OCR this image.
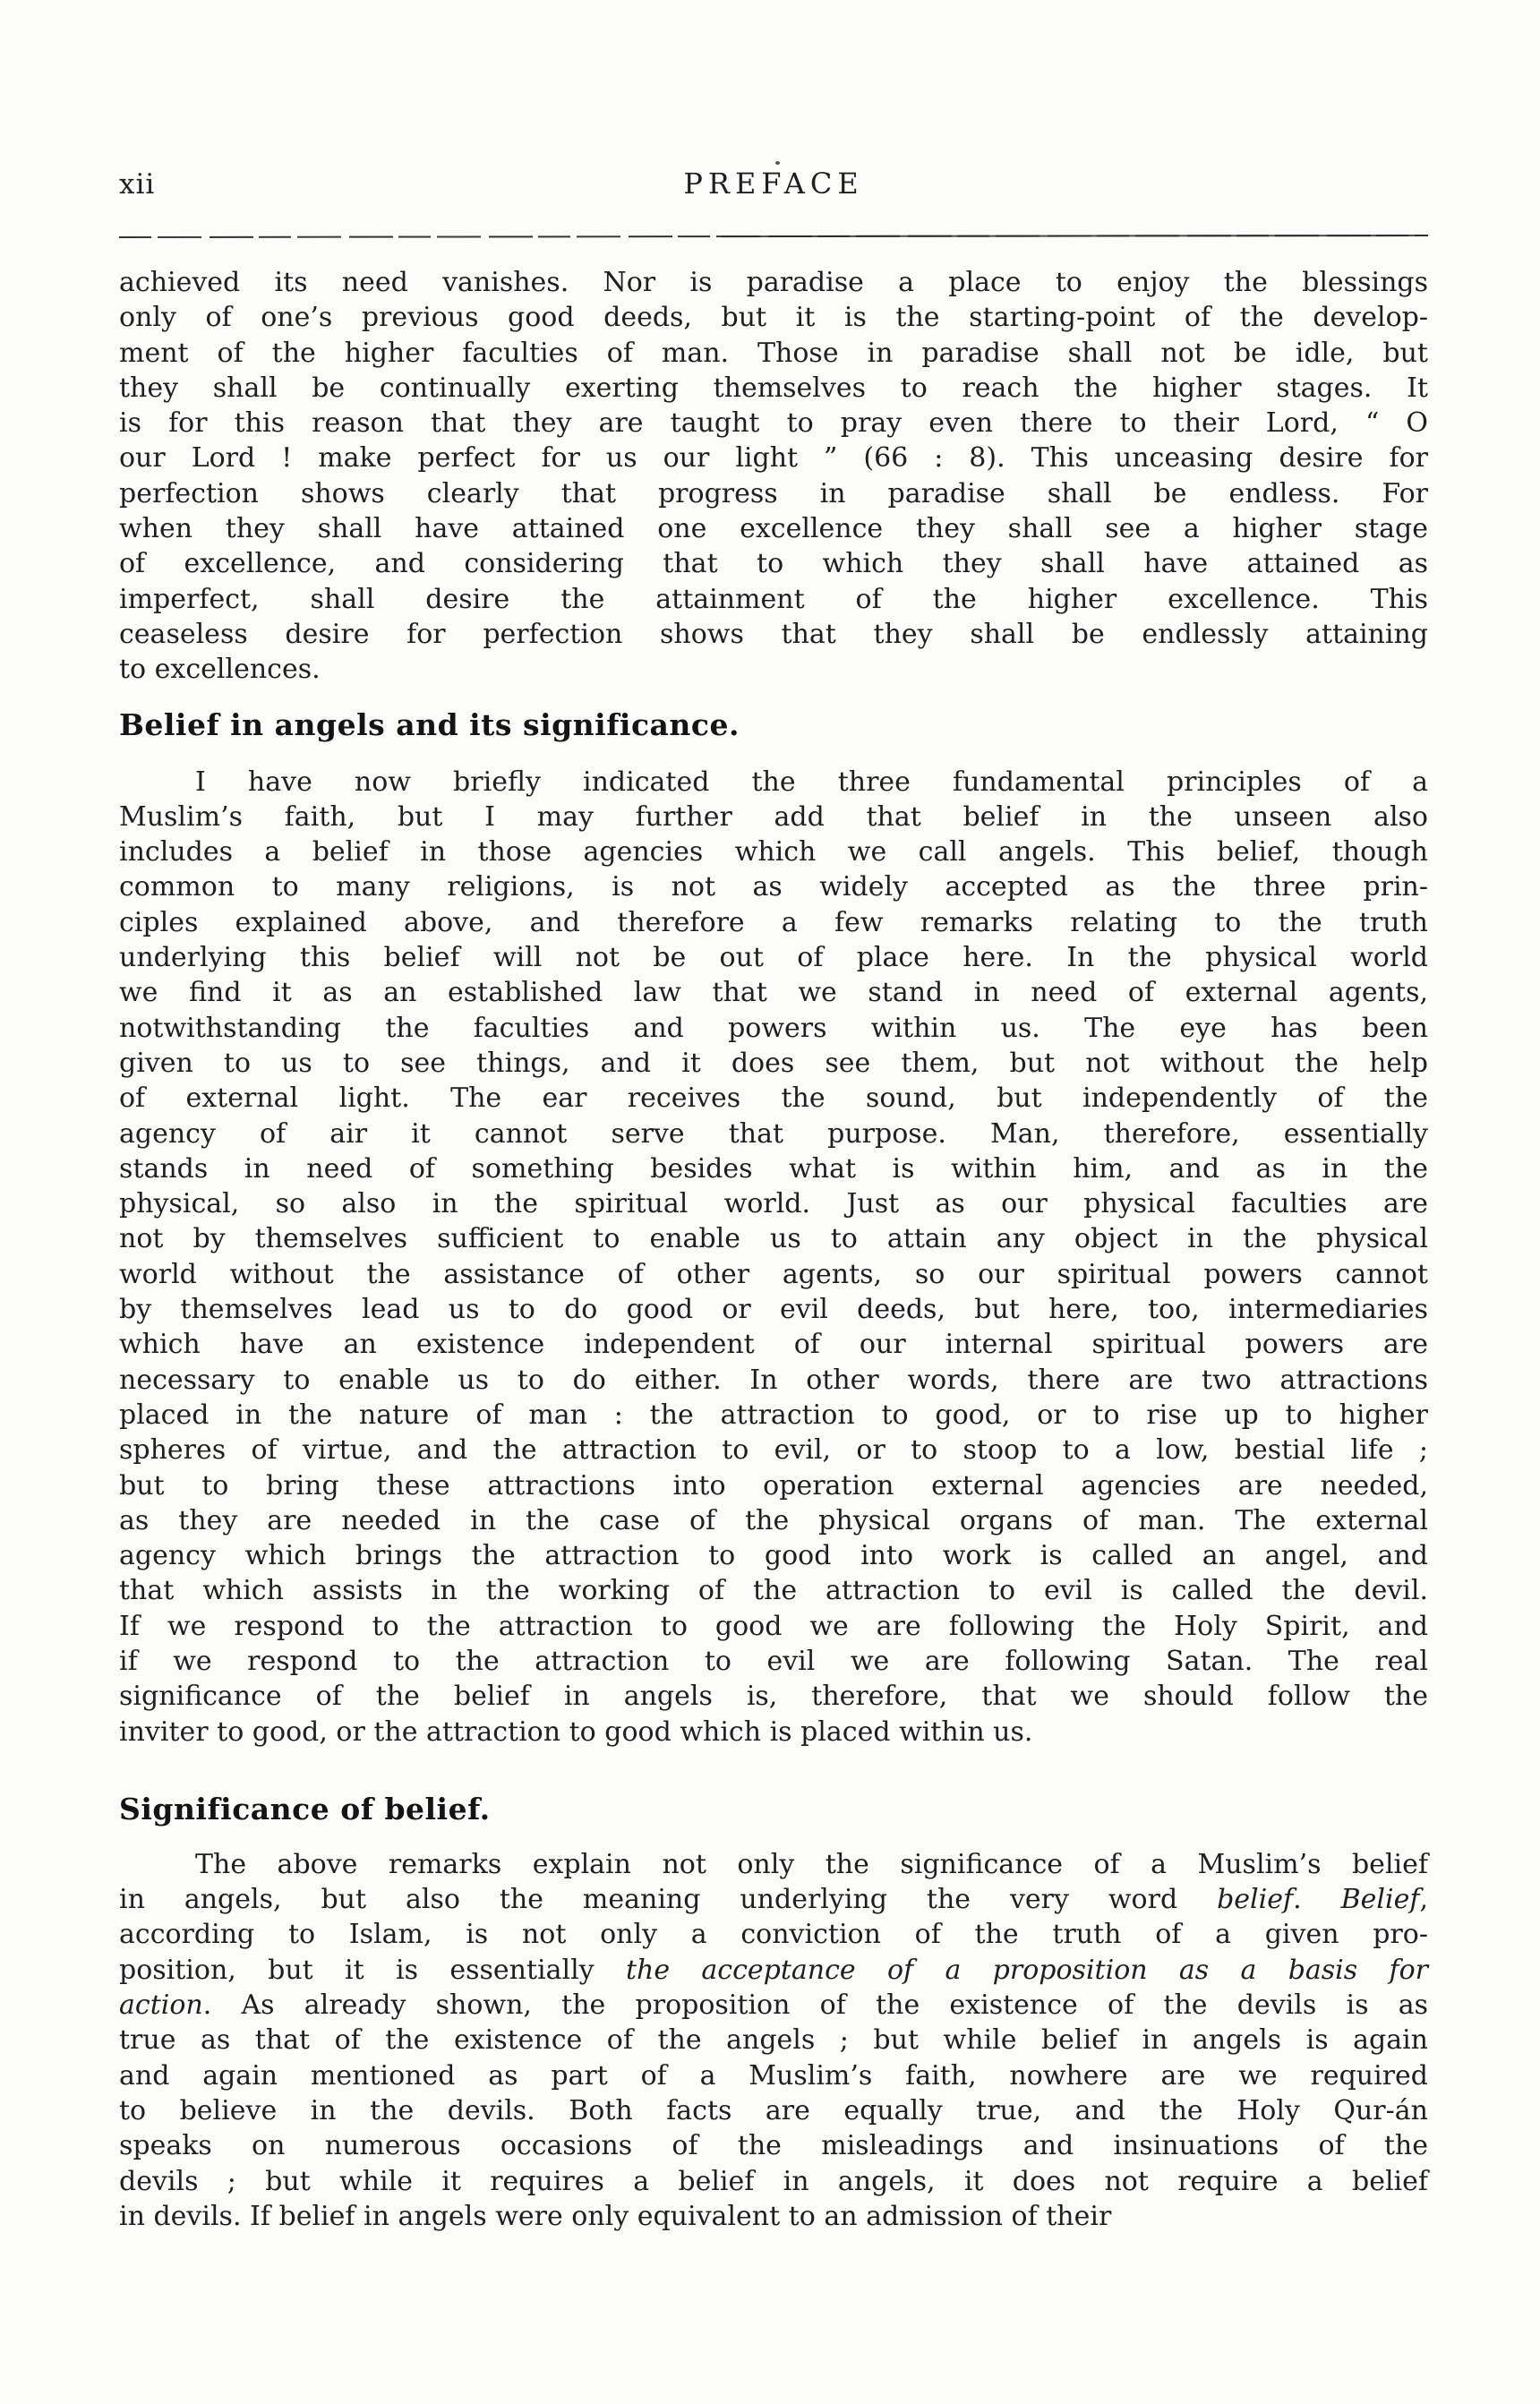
xii	PREFACE
achieved its need vanishes. Nor is paradise a place to enjoy the blessings
only of one’s previous good deeds, but it is the starting-point of the develop-
ment of the higher faculties of man. Those in paradise shall not be idle, but
they shall be continually exerting themselves to reach the higher stages. It
is for this reason that they are taught to pray even there to their Lord, “ O
our Lord ! make perfect for us our light ” (66 : 8). This unceasing desire for
perfection shows clearly that progress in paradise shall be endless. For
when they shall have attained one excellence they shall see a higher stage
of excellence, and considering that to which they shall have attained as
imperfect, shall desire the attainment of the higher excellence. This
ceaseless desire for perfection shows that they shall be endlessly attaining
to excellences.
Belief in angels and its significance.
I have now briefly indicated the three fundamental principles of a
Muslim’s faith, but I may further add that belief in the unseen also
includes a belief in those agencies which we call angels. This belief, though
common to many religions, is not as widely accepted as the three prin-
ciples explained above, and therefore a few remarks relating to the truth
underlying this belief will not be out of place here. In the physical world
we find it as an established law that we stand in need of external agents,
notwithstanding the faculties and powers within us. The eye has been
given to us to see things, and it does see them, but not without the help
of external light. The ear receives the sound, but independently of the
agency of air it cannot serve that purpose. Man, therefore, essentially
stands in need of something besides what is within him, and as in the
physical, so also in the spiritual world. Just as our physical faculties are
not by themselves sufficient to enable us to attain any object in the physical
world without the assistance of other agents, so our spiritual powers cannot
by themselves lead us to do good or evil deeds, but here, too, intermediaries
which have an existence independent of our internal spiritual powers are
necessary to enable us to do either. In other words, there are two attractions
placed in the nature of man : the attraction to good, or to rise up to higher
spheres of virtue, and the attraction to evil, or to stoop to a low, bestial life ;
but to bring these attractions into operation external agencies are needed,
as they are needed in the case of the physical organs of man. The external
agency which brings the attraction to good into work is called an angel, and
that which assists in the working of the attraction to evil is called the devil.
If we respond to the attraction to good we are following the Holy Spirit, and
if we respond to the attraction to evil we are following Satan. The real
significance of the belief in angels is, therefore, that we should follow the
inviter to good, or the attraction to good which is placed within us.
Significance of belief.
The above remarks explain not only the significance of a Muslim’s belief
in angels, but also the meaning underlying the very word belief. Belief,
according to Islam, is not only a conviction of the truth of a given pro-
position, but it is essentially the acceptance of a proposition as a basis for
action. As already shown, the proposition of the existence of the devils is as
true as that of the existence of the angels ; but while belief in angels is again
and again mentioned as part of a Muslim’s faith, nowhere are we required
to believe in the devils. Both facts are equally true, and the Holy Qur-án
speaks on numerous occasions of the misleadings and insinuations of the
devils ; but while it requires a belief in angels, it does not require a belief
in devils. If belief in angels were only equivalent to an admission of their
